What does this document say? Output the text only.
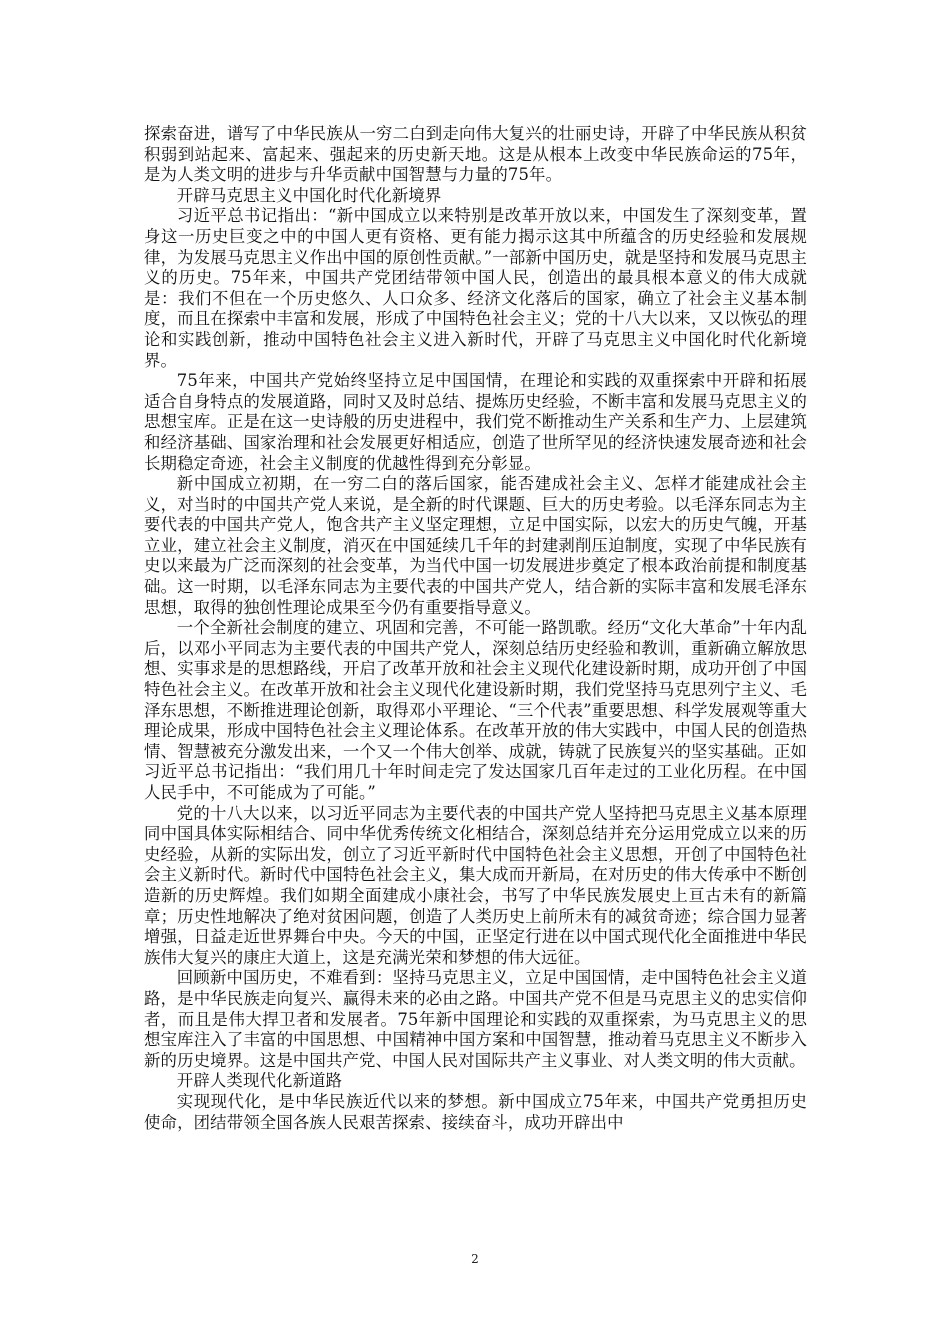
探索奋进，谱写了中华民族从一穷二白到走向伟大复兴的壮丽史诗，开辟了中华民族从积贫积弱到站起来、富起来、强起来的历史新天地。这是从根本上改变中华民族命运的75年，是为人类文明的进步与升华贡献中国智慧与力量的75年。

开辟马克思主义中国化时代化新境界

习近平总书记指出：“新中国成立以来特别是改革开放以来，中国发生了深刻变革，置身这一历史巨变之中的中国人更有资格、更有能力揭示这其中所蕴含的历史经验和发展规律，为发展马克思主义作出中国的原创性贡献。”一部新中国历史，就是坚持和发展马克思主义的历史。75年来，中国共产党团结带领中国人民，创造出的最具根本意义的伟大成就是：我们不但在一个历史悠久、人口众多、经济文化落后的国家，确立了社会主义基本制度，而且在探索中丰富和发展，形成了中国特色社会主义；党的十八大以来，又以恢弘的理论和实践创新，推动中国特色社会主义进入新时代，开辟了马克思主义中国化时代化新境界。

75年来，中国共产党始终坚持立足中国国情，在理论和实践的双重探索中开辟和拓展适合自身特点的发展道路，同时又及时总结、提炼历史经验，不断丰富和发展马克思主义的思想宝库。正是在这一史诗般的历史进程中，我们党不断推动生产关系和生产力、上层建筑和经济基础、国家治理和社会发展更好相适应，创造了世所罕见的经济快速发展奇迹和社会长期稳定奇迹，社会主义制度的优越性得到充分彰显。

新中国成立初期，在一穷二白的落后国家，能否建成社会主义、怎样才能建成社会主义，对当时的中国共产党人来说，是全新的时代课题、巨大的历史考验。以毛泽东同志为主要代表的中国共产党人，饱含共产主义坚定理想，立足中国实际，以宏大的历史气魄，开基立业，建立社会主义制度，消灭在中国延续几千年的封建剥削压迫制度，实现了中华民族有史以来最为广泛而深刻的社会变革，为当代中国一切发展进步奠定了根本政治前提和制度基础。这一时期，以毛泽东同志为主要代表的中国共产党人，结合新的实际丰富和发展毛泽东思想，取得的独创性理论成果至今仍有重要指导意义。

一个全新社会制度的建立、巩固和完善，不可能一路凯歌。经历“文化大革命”十年内乱后，以邓小平同志为主要代表的中国共产党人，深刻总结历史经验和教训，重新确立解放思想、实事求是的思想路线，开启了改革开放和社会主义现代化建设新时期，成功开创了中国特色社会主义。在改革开放和社会主义现代化建设新时期，我们党坚持马克思列宁主义、毛泽东思想，不断推进理论创新，取得邓小平理论、“三个代表”重要思想、科学发展观等重大理论成果，形成中国特色社会主义理论体系。在改革开放的伟大实践中，中国人民的创造热情、智慧被充分激发出来，一个又一个伟大创举、成就，铸就了民族复兴的坚实基础。正如习近平总书记指出：“我们用几十年时间走完了发达国家几百年走过的工业化历程。在中国人民手中，不可能成为了可能。”

党的十八大以来，以习近平同志为主要代表的中国共产党人坚持把马克思主义基本原理同中国具体实际相结合、同中华优秀传统文化相结合，深刻总结并充分运用党成立以来的历史经验，从新的实际出发，创立了习近平新时代中国特色社会主义思想，开创了中国特色社会主义新时代。新时代中国特色社会主义，集大成而开新局，在对历史的伟大传承中不断创造新的历史辉煌。我们如期全面建成小康社会，书写了中华民族发展史上亘古未有的新篇章；历史性地解决了绝对贫困问题，创造了人类历史上前所未有的减贫奇迹；综合国力显著增强，日益走近世界舞台中央。今天的中国，正坚定行进在以中国式现代化全面推进中华民族伟大复兴的康庄大道上，这是充满光荣和梦想的伟大远征。

回顾新中国历史，不难看到：坚持马克思主义，立足中国国情，走中国特色社会主义道路，是中华民族走向复兴、赢得未来的必由之路。中国共产党不但是马克思主义的忠实信仰者，而且是伟大捍卫者和发展者。75年新中国理论和实践的双重探索，为马克思主义的思想宝库注入了丰富的中国思想、中国精神中国方案和中国智慧，推动着马克思主义不断步入新的历史境界。这是中国共产党、中国人民对国际共产主义事业、对人类文明的伟大贡献。

开辟人类现代化新道路

实现现代化，是中华民族近代以来的梦想。新中国成立75年来，中国共产党勇担历史使命，团结带领全国各族人民艰苦探索、接续奋斗，成功开辟出中

2
